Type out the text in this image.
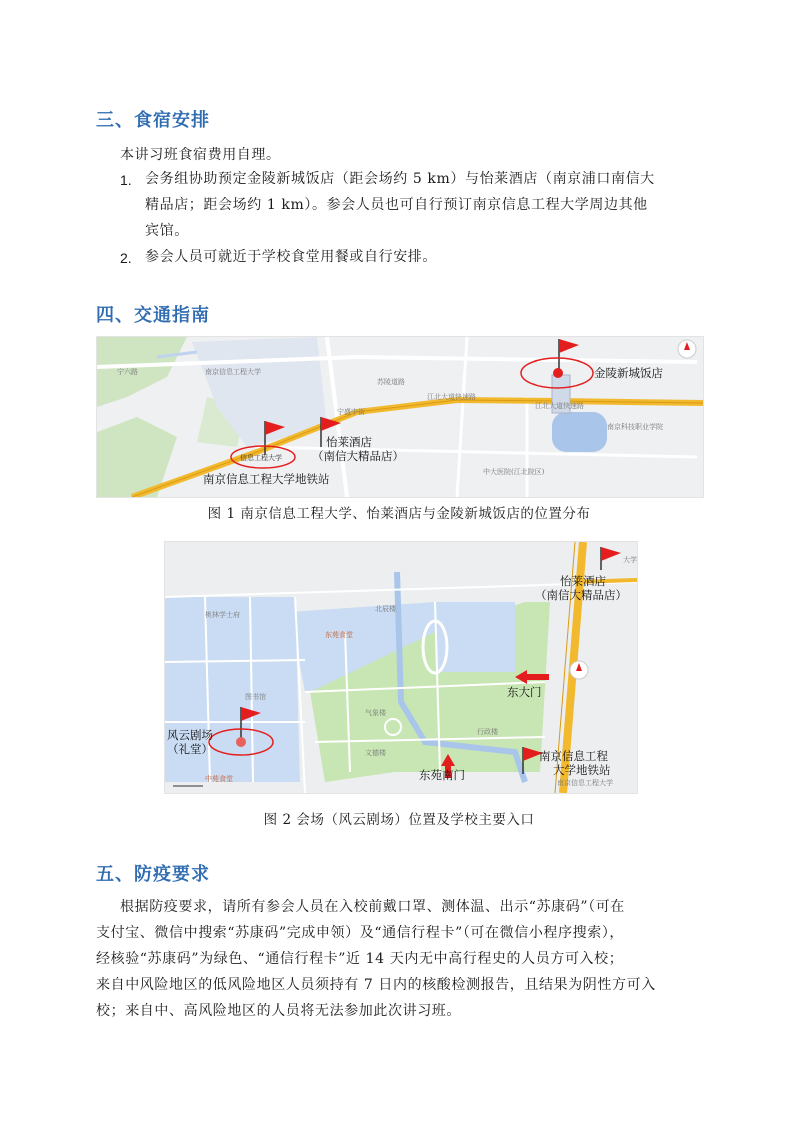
三、食宿安排
本讲习班食宿费用自理。
1. 会务组协助预定金陵新城饭店（距会场约 5 km）与怡莱酒店（南京浦口南信大
精品店；距会场约 1 km）。参会人员也可自行预订南京信息工程大学周边其他
宾馆。
2. 参会人员可就近于学校食堂用餐或自行安排。
四、交通指南
南京信息工程大学
苏陵道路
宁盛中街
江北大道快速路
江北大道快速路
南京科技职业学院
中大医院(江北院区)
宁六路
信息工程大学
金陵新城饭店
怡莱酒店
（南信大精品店）
南京信息工程大学地铁站
图 1 南京信息工程大学、怡莱酒店与金陵新城饭店的位置分布
桃林学士府
气象楼
文德楼
行政楼
中苑食堂
东苑食堂
北辰楼
图书馆
南京信息工程大学
大学
怡莱酒店
（南信大精品店）
东大门
风云剧场
（礼堂）
东苑南门
南京信息工程
大学地铁站
图 2 会场（风云剧场）位置及学校主要入口
五、防疫要求
根据防疫要求，请所有参会人员在入校前戴口罩、测体温、出示“苏康码”（可在
支付宝、微信中搜索“苏康码”完成申领）及“通信行程卡”（可在微信小程序搜索），
经核验“苏康码”为绿色、“通信行程卡”近 14 天内无中高行程史的人员方可入校；
来自中风险地区的低风险地区人员须持有 7 日内的核酸检测报告，且结果为阴性方可入
校；来自中、高风险地区的人员将无法参加此次讲习班。
